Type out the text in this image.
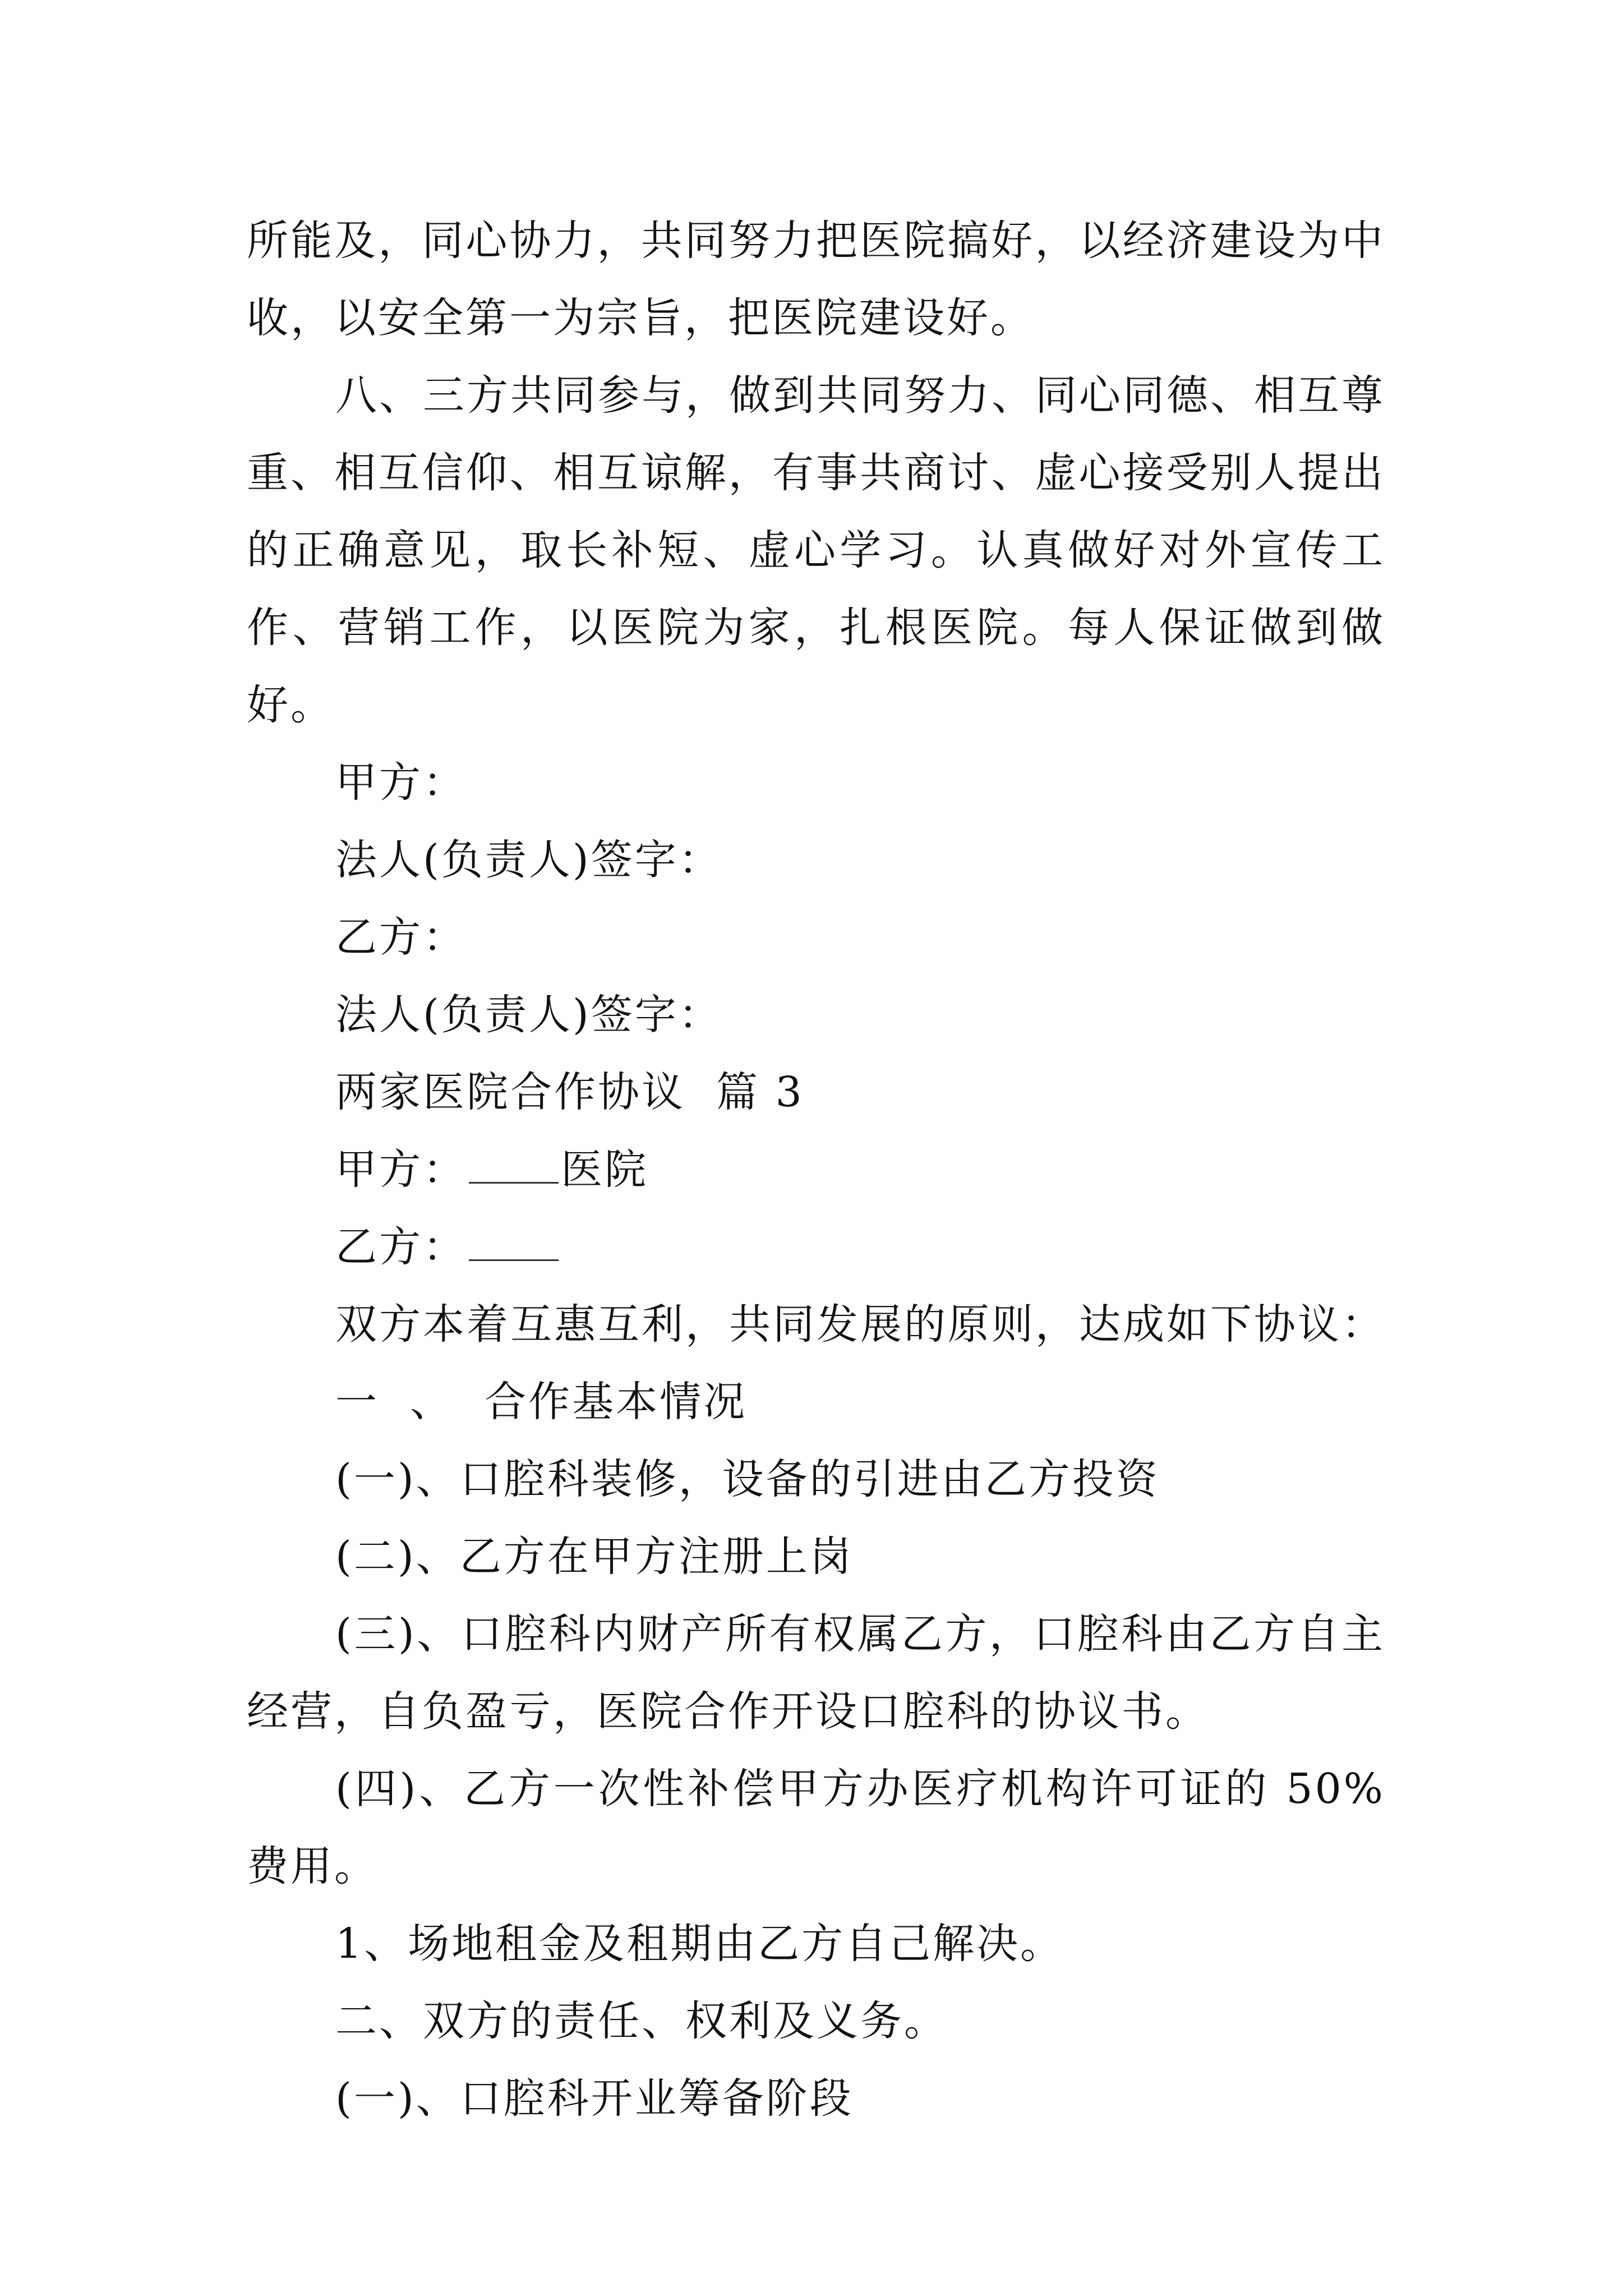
所能及，同心协力，共同努力把医院搞好，以经济建设为中收，以安全第一为宗旨，把医院建设好。

八、三方共同参与，做到共同努力、同心同德、相互尊重、相互信仰、相互谅解，有事共商讨、虚心接受别人提出的正确意见，取长补短、虚心学习。认真做好对外宣传工作、营销工作，以医院为家，扎根医院。每人保证做到做好。

甲方：

法人(负责人)签字：

乙方：

法人(负责人)签字：

两家医院合作协议  篇 3

甲方： 医院

乙方：

双方本着互惠互利，共同发展的原则，达成如下协议：

一  、  合作基本情况

(一)、口腔科装修，设备的引进由乙方投资

(二)、乙方在甲方注册上岗

(三)、口腔科内财产所有权属乙方，口腔科由乙方自主经营，自负盈亏，医院合作开设口腔科的协议书。

(四)、乙方一次性补偿甲方办医疗机构许可证的 50%费用。

1、场地租金及租期由乙方自己解决。

二、双方的责任、权利及义务。

(一)、口腔科开业筹备阶段
